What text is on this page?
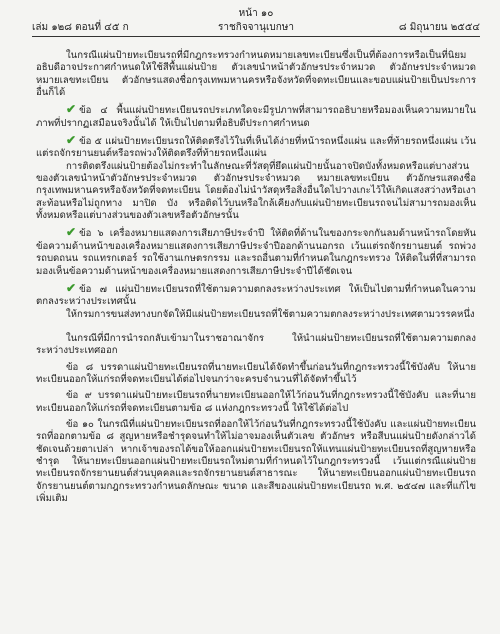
หน้า ๑๐
เล่ม ๑๒๘ ตอนที่ ๔๕ ก	ราชกิจจานุเบกษา	๘ มิถุนายน ๒๕๕๔

ในกรณีแผ่นป้ายทะเบียนรถที่มีกฎกระทรวงกำหนดหมายเลขทะเบียนซึ่งเป็นที่ต้องการหรือเป็นที่นิยม อธิบดีอาจประกาศกำหนดให้ใช้สีพื้นแผ่นป้าย ตัวเลขนำหน้าตัวอักษรประจำหมวด ตัวอักษรประจำหมวด หมายเลขทะเบียน ตัวอักษรแสดงชื่อกรุงเทพมหานครหรือจังหวัดที่จดทะเบียนและขอบแผ่นป้ายเป็นประการอื่นก็ได้

✔ ข้อ ๔ พื้นแผ่นป้ายทะเบียนรถประเภทใดจะมีรูปภาพที่สามารถอธิบายหรือมองเห็นความหมายในภาพที่ปรากฏเสมือนจริงนั้นได้ ให้เป็นไปตามที่อธิบดีประกาศกำหนด

✔ ข้อ ๕ แผ่นป้ายทะเบียนรถให้ติดตรึงไว้ในที่เห็นได้ง่ายที่หน้ารถหนึ่งแผ่น และที่ท้ายรถหนึ่งแผ่น เว้นแต่รถจักรยานยนต์หรือรถพ่วงให้ติดตรึงที่ท้ายรถหนึ่งแผ่น

การติดตรึงแผ่นป้ายต้องไม่กระทำในลักษณะที่วัสดุที่ยึดแผ่นป้ายนั้นอาจปิดบังทั้งหมดหรือแต่บางส่วนของตัวเลขนำหน้าตัวอักษรประจำหมวด ตัวอักษรประจำหมวด หมายเลขทะเบียน ตัวอักษรแสดงชื่อกรุงเทพมหานครหรือจังหวัดที่จดทะเบียน โดยต้องไม่นำวัสดุหรือสิ่งอื่นใดไปวางเกะไว้ให้เกิดแสงสว่างหรือเงาสะท้อนหรือไม่ถูกทาง มาปิด บัง หรือติดไว้บนหรือใกล้เคียงกับแผ่นป้ายทะเบียนรถจนไม่สามารถมองเห็นทั้งหมดหรือแต่บางส่วนของตัวเลขหรือตัวอักษรนั้น

✔ ข้อ ๖ เครื่องหมายแสดงการเสียภาษีประจำปี ให้ติดที่ด้านในของกระจกกันลมด้านหน้ารถโดยหันข้อความด้านหน้าของเครื่องหมายแสดงการเสียภาษีประจำปีออกด้านนอกรถ เว้นแต่รถจักรยานยนต์ รถพ่วง รถบดถนน รถแทรกเตอร์ รถใช้งานเกษตรกรรม และรถอื่นตามที่กำหนดในกฎกระทรวง ให้ติดในที่ที่สามารถมองเห็นข้อความด้านหน้าของเครื่องหมายแสดงการเสียภาษีประจำปีได้ชัดเจน

✔ ข้อ ๗ แผ่นป้ายทะเบียนรถที่ใช้ตามความตกลงระหว่างประเทศ ให้เป็นไปตามที่กำหนดในความตกลงระหว่างประเทศนั้น

ให้กรมการขนส่งทางบกจัดให้มีแผ่นป้ายทะเบียนรถที่ใช้ตามความตกลงระหว่างประเทศตามวรรคหนึ่ง

ในกรณีที่มีการนำรถกลับเข้ามาในราชอาณาจักร ให้นำแผ่นป้ายทะเบียนรถที่ใช้ตามความตกลงระหว่างประเทศออก

ข้อ ๘ บรรดาแผ่นป้ายทะเบียนรถที่นายทะเบียนได้จัดทำขึ้นก่อนวันที่กฎกระทรวงนี้ใช้บังคับ ให้นายทะเบียนออกให้แก่รถที่จดทะเบียนได้ต่อไปจนกว่าจะครบจำนวนที่ได้จัดทำขึ้นไว้

ข้อ ๙ บรรดาแผ่นป้ายทะเบียนรถที่นายทะเบียนออกให้ไว้ก่อนวันที่กฎกระทรวงนี้ใช้บังคับ และที่นายทะเบียนออกให้แก่รถที่จดทะเบียนตามข้อ ๘ แห่งกฎกระทรวงนี้ ให้ใช้ได้ต่อไป

ข้อ ๑๐ ในกรณีที่แผ่นป้ายทะเบียนรถที่ออกให้ไว้ก่อนวันที่กฎกระทรวงนี้ใช้บังคับ และแผ่นป้ายทะเบียนรถที่ออกตามข้อ ๘ สูญหายหรือชำรุดจนทำให้ไม่อาจมองเห็นตัวเลข ตัวอักษร หรือสีบนแผ่นป้ายดังกล่าวได้ชัดเจนด้วยตาเปล่า หากเจ้าของรถได้ขอให้ออกแผ่นป้ายทะเบียนรถให้แทนแผ่นป้ายทะเบียนรถที่สูญหายหรือชำรุด ให้นายทะเบียนออกแผ่นป้ายทะเบียนรถใหม่ตามที่กำหนดไว้ในกฎกระทรวงนี้ เว้นแต่กรณีแผ่นป้ายทะเบียนรถจักรยานยนต์ส่วนบุคคลและรถจักรยานยนต์สาธารณะ ให้นายทะเบียนออกแผ่นป้ายทะเบียนรถจักรยานยนต์ตามกฎกระทรวงกำหนดลักษณะ ขนาด และสีของแผ่นป้ายทะเบียนรถ พ.ศ. ๒๕๔๗ และที่แก้ไขเพิ่มเติม
